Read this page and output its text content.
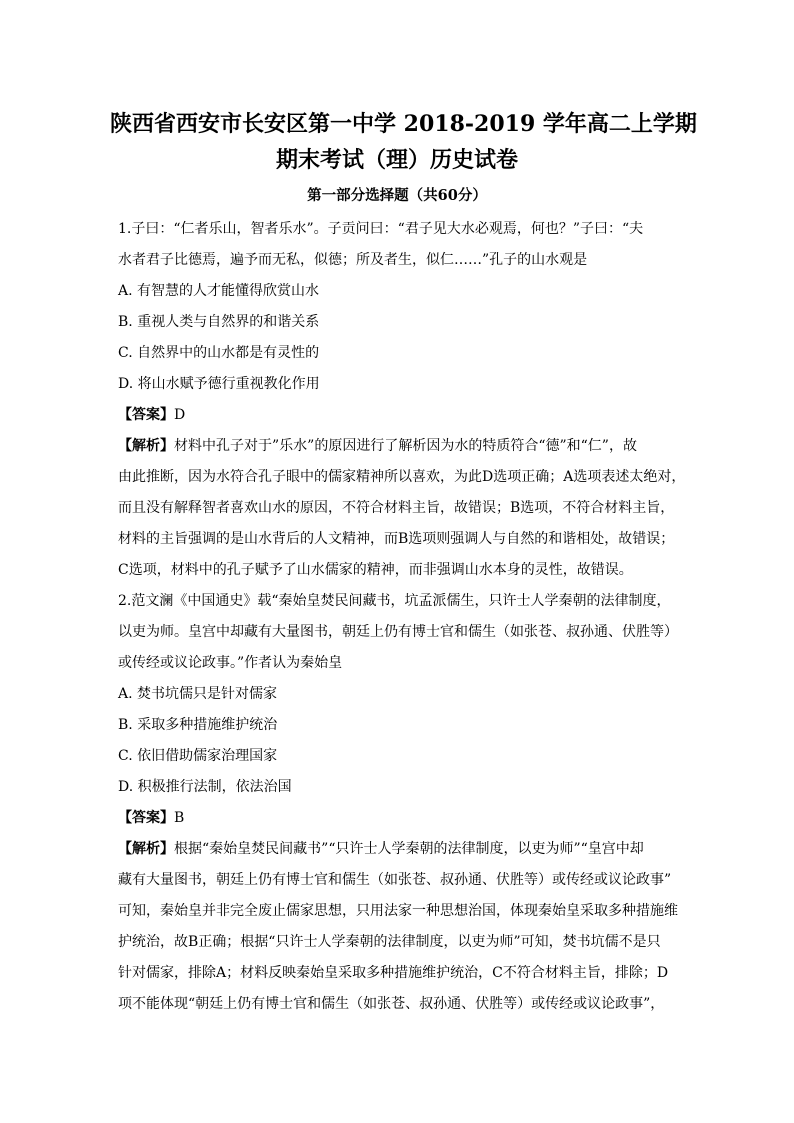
陕西省西安市长安区第一中学 2018-2019 学年高二上学期
期末考试（理）历史试卷
第一部分选择题（共60分）
1.子曰：“仁者乐山，智者乐水”。子贡问曰：“君子见大水必观焉，何也？”子曰：“夫
水者君子比德焉，遍予而无私，似德；所及者生，似仁……”孔子的山水观是
A. 有智慧的人才能懂得欣赏山水
B. 重视人类与自然界的和谐关系
C. 自然界中的山水都是有灵性的
D. 将山水赋予德行重视教化作用
【答案】D
【解析】材料中孔子对于”乐水”的原因进行了解析因为水的特质符合“德”和“仁”，故
由此推断，因为水符合孔子眼中的儒家精神所以喜欢，为此D选项正确；A选项表述太绝对，
而且没有解释智者喜欢山水的原因，不符合材料主旨，故错误；B选项，不符合材料主旨，
材料的主旨强调的是山水背后的人文精神，而B选项则强调人与自然的和谐相处，故错误；
C选项，材料中的孔子赋予了山水儒家的精神，而非强调山水本身的灵性，故错误。
2.范文澜《中国通史》载“秦始皇焚民间藏书，坑孟派儒生，只许士人学秦朝的法律制度，
以吏为师。皇宫中却藏有大量图书，朝廷上仍有博士官和儒生（如张苍、叔孙通、伏胜等）
或传经或议论政事。”作者认为秦始皇
A. 焚书坑儒只是针对儒家
B. 采取多种措施维护统治
C. 依旧借助儒家治理国家
D. 积极推行法制，依法治国
【答案】B
【解析】根据“秦始皇焚民间藏书”“只许士人学秦朝的法律制度，以吏为师”“皇宫中却
藏有大量图书，朝廷上仍有博士官和儒生（如张苍、叔孙通、伏胜等）或传经或议论政事”
可知，秦始皇并非完全废止儒家思想，只用法家一种思想治国，体现秦始皇采取多种措施维
护统治，故B正确；根据“只许士人学秦朝的法律制度，以吏为师”可知，焚书坑儒不是只
针对儒家，排除A；材料反映秦始皇采取多种措施维护统治，C不符合材料主旨，排除；D
项不能体现“朝廷上仍有博士官和儒生（如张苍、叔孙通、伏胜等）或传经或议论政事”，
